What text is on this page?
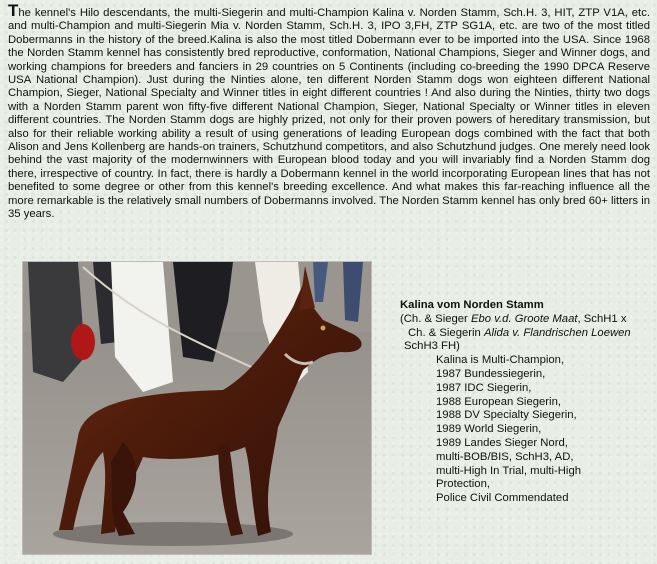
The kennel's Hilo descendants, the multi-Siegerin and multi-Champion Kalina v. Norden Stamm, Sch.H. 3, HIT, ZTP V1A, etc. and multi-Champion and multi-Siegerin Mia v. Norden Stamm, Sch.H. 3, IPO 3,FH, ZTP SG1A, etc. are two of the most titled Dobermanns in the history of the breed.Kalina is also the most titled Dobermann ever to be imported into the USA. Since 1968 the Norden Stamm kennel has consistently bred reproductive, conformation, National Champions, Sieger and Winner dogs, and working champions for breeders and fanciers in 29 countries on 5 Continents (including co-breeding the 1990 DPCA Reserve USA National Champion). Just during the Ninties alone, ten different Norden Stamm dogs won eighteen different National Champion, Sieger, National Specialty and Winner titles in eight different countries ! And also during the Ninties, thirty two dogs with a Norden Stamm parent won fifty-five different National Champion, Sieger, National Specialty or Winner titles in eleven different countries. The Norden Stamm dogs are highly prized, not only for their proven powers of hereditary transmission, but also for their reliable working ability a result of using generations of leading European dogs combined with the fact that both Alison and Jens Kollenberg are hands-on trainers, Schutzhund competitors, and also Schutzhund judges. One merely need look behind the vast majority of the modernwinners with European blood today and you will invariably find a Norden Stamm dog there, irrespective of country. In fact, there is hardly a Dobermann kennel in the world incorporating European lines that has not benefited to some degree or other from this kennel's breeding excellence. And what makes this far-reaching influence all the more remarkable is the relatively small numbers of Dobermanns involved. The Norden Stamm kennel has only bred 60+ litters in 35 years.

Kalina vom Norden Stamm

(Ch. & Sieger Ebo v.d. Groote Maat, SchH1 x
Ch. & Siegerin Alida v. Flandrischen Loewen
SchH3 FH)

Kalina is Multi-Champion,
1987 Bundessiegerin,
1987 IDC Siegerin,
1988 European Siegerin,
1988 DV Specialty Siegerin,
1989 World Siegerin,
1989 Landes Sieger Nord,
multi-BOB/BIS, SchH3, AD,
multi-High In Trial, multi-High
Protection,
Police Civil Commendated
